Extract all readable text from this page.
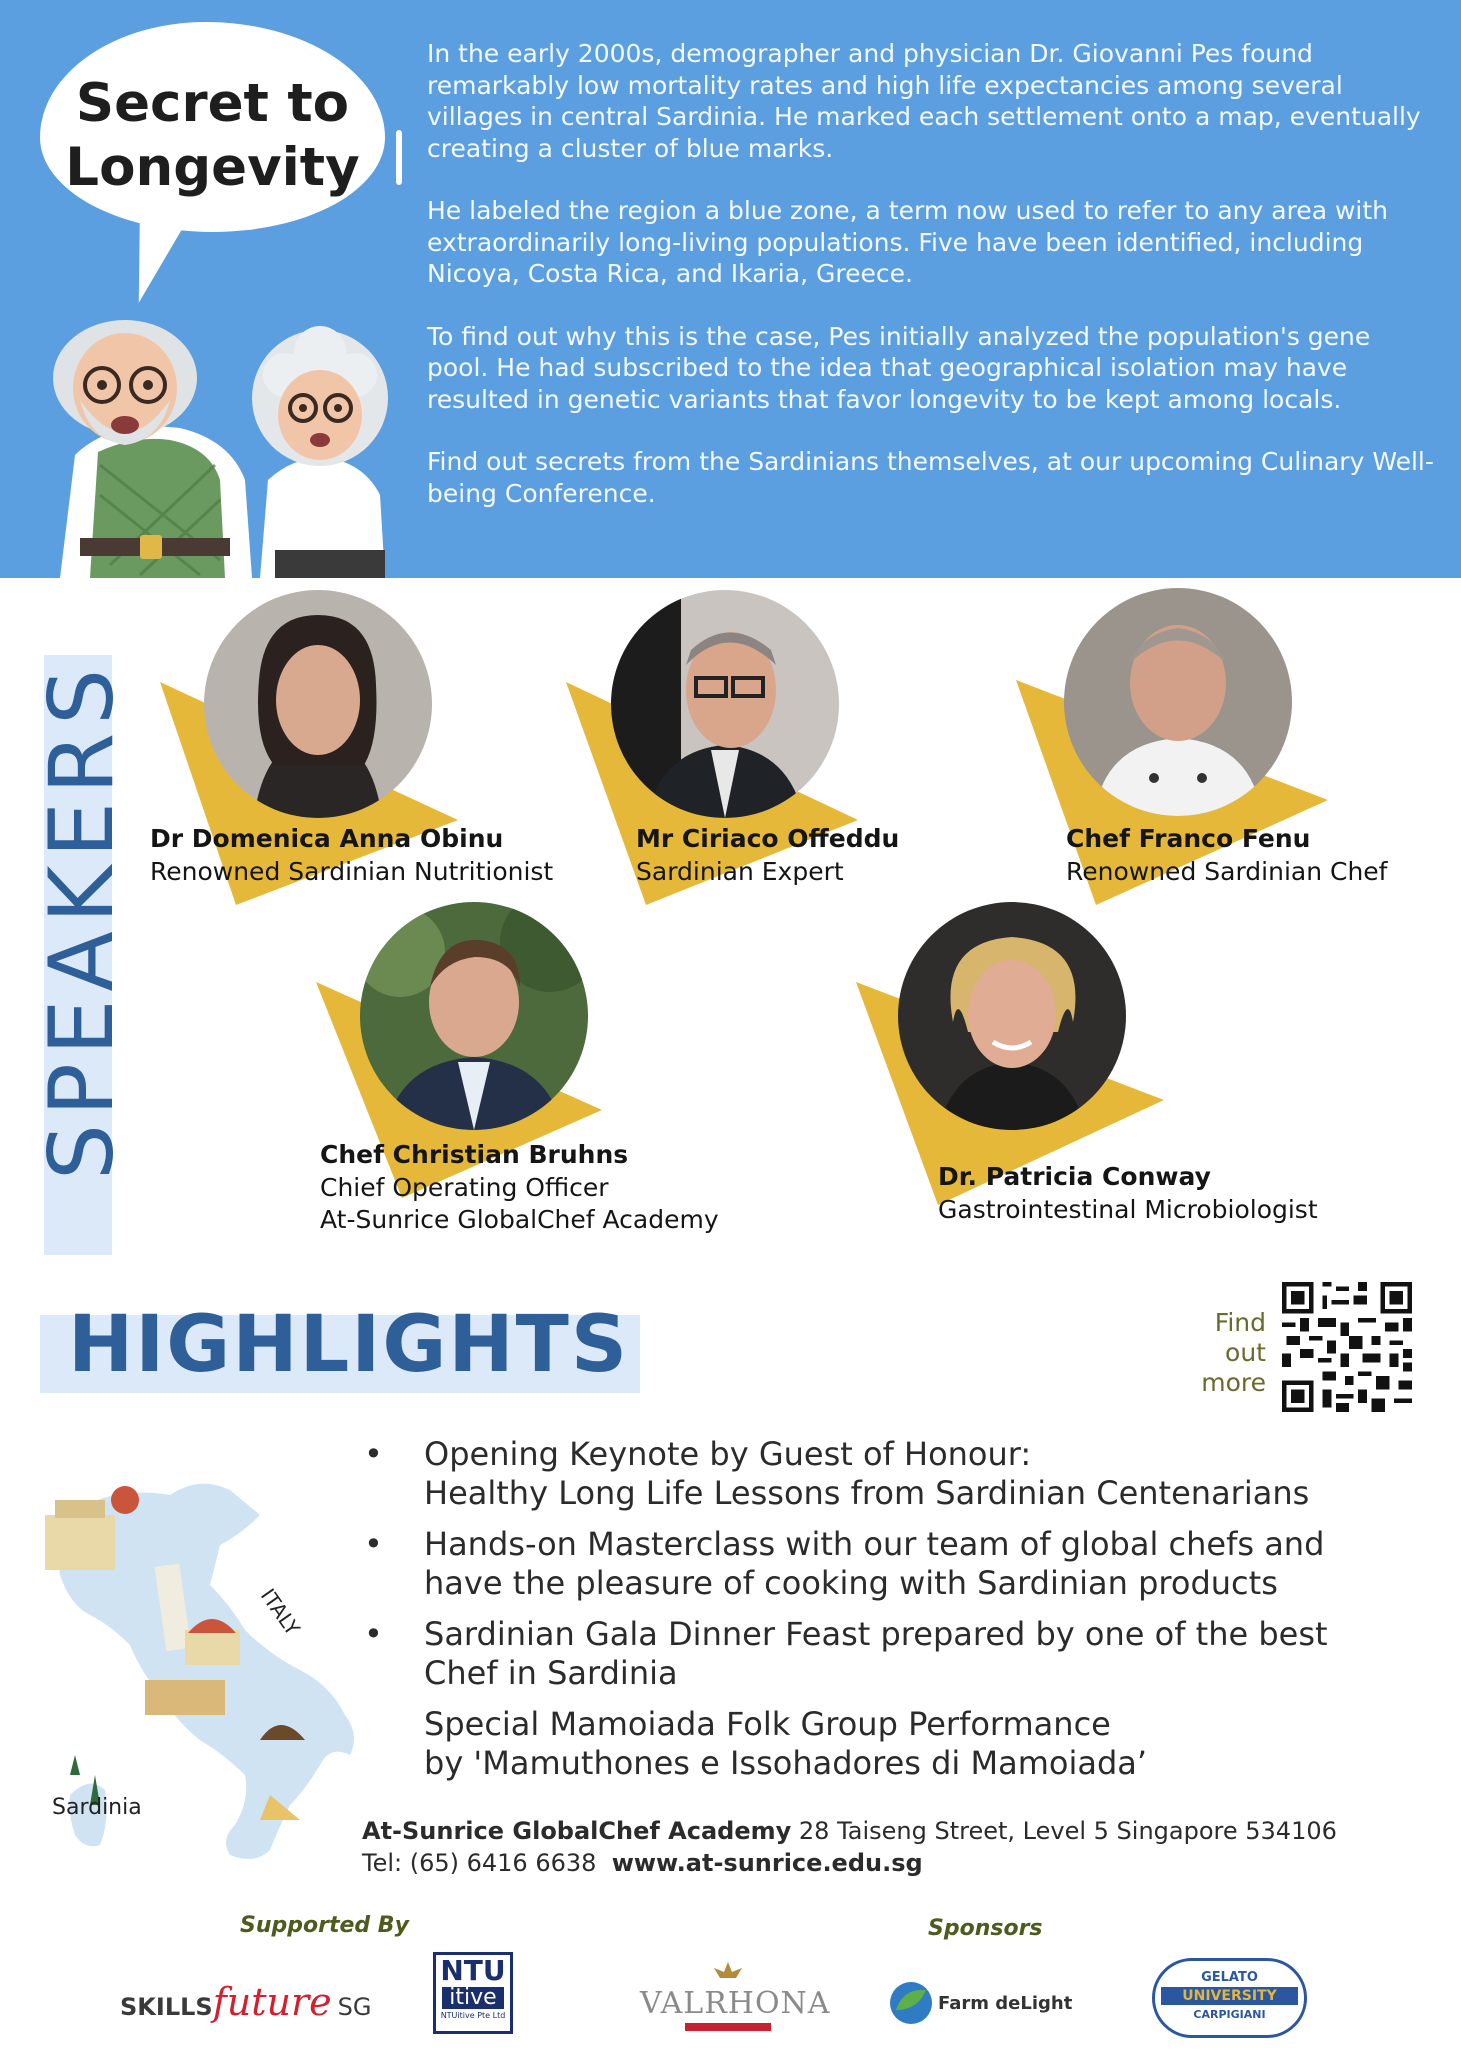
Secret to
Longevity

In the early 2000s, demographer and physician Dr. Giovanni Pes found remarkably low mortality rates and high life expectancies among several villages in central Sardinia. He marked each settlement onto a map, eventually creating a cluster of blue marks.

He labeled the region a blue zone, a term now used to refer to any area with extraordinarily long-living populations. Five have been identified, including Nicoya, Costa Rica, and Ikaria, Greece.

To find out why this is the case, Pes initially analyzed the population's gene pool. He had subscribed to the idea that geographical isolation may have resulted in genetic variants that favor longevity to be kept among locals.

Find out secrets from the Sardinians themselves, at our upcoming Culinary Well-being Conference.

SPEAKERS Dr Domenica Anna Obinu
Renowned Sardinian Nutritionist
Mr Ciriaco Offeddu
Sardinian Expert
Chef Franco Fenu
Renowned Sardinian Chef
Chef Christian Bruhns
Chief Operating Officer
At-Sunrice GlobalChef Academy
Dr. Patricia Conway
Gastrointestinal Microbiologist
HIGHLIGHTS	Find
out
more
ITALY
Sardinia
• Opening Keynote by Guest of Honour:
Healthy Long Life Lessons from Sardinian Centenarians
• Hands-on Masterclass with our team of global chefs and
have the pleasure of cooking with Sardinian products
• Sardinian Gala Dinner Feast prepared by one of the best
Chef in Sardinia
Special Mamoiada Folk Group Performance
by 'Mamuthones e Issohadores di Mamoiada’
At-Sunrice GlobalChef Academy 28 Taiseng Street, Level 5 Singapore 534106
Tel: (65) 6416 6638 www.at-sunrice.edu.sg
Supported By	Sponsors
SKILLSfuture SG
NTU
itive
NTUitive Pte Ltd	VALRHONA	Farm deLight
GELATO
UNIVERSITY
CARPIGIANI
